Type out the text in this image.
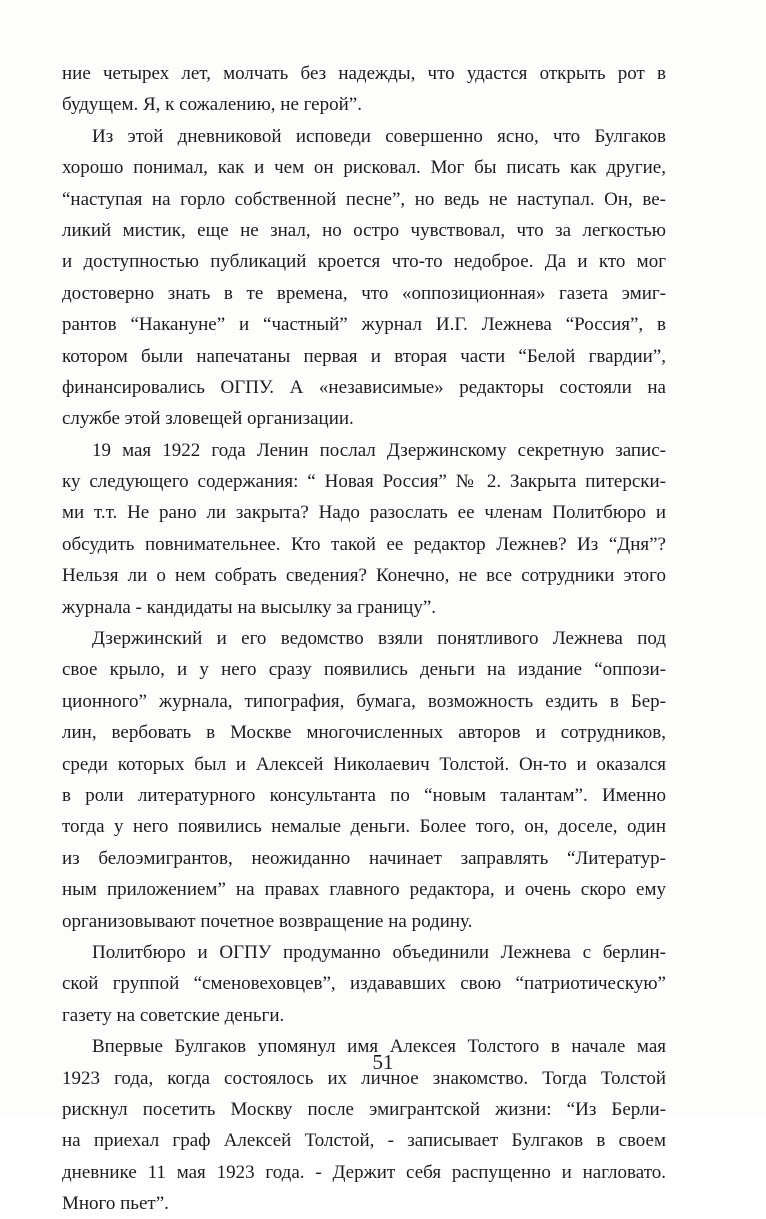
ние четырех лет, молчать без надежды, что удастся открыть рот в
будущем. Я, к сожалению, не герой”.
Из этой дневниковой исповеди совершенно ясно, что Булгаков
хорошо понимал, как и чем он рисковал. Мог бы писать как другие,
“наступая на горло собственной песне”, но ведь не наступал. Он, ве-
ликий мистик, еще не знал, но остро чувствовал, что за легкостью
и доступностью публикаций кроется что-то недоброе. Да и кто мог
достоверно знать в те времена, что «оппозиционная» газета эмиг-
рантов “Накануне” и “частный” журнал И.Г. Лежнева “Россия”, в
котором были напечатаны первая и вторая части “Белой гвардии”,
финансировались ОГПУ. А «независимые» редакторы состояли на
службе этой зловещей организации.
19 мая 1922 года Ленин послал Дзержинскому секретную запис-
ку следующего содержания: “ Новая Россия” № 2. Закрыта питерски-
ми т.т. Не рано ли закрыта? Надо разослать ее членам Политбюро и
обсудить повнимательнее. Кто такой ее редактор Лежнев? Из “Дня”?
Нельзя ли о нем собрать сведения? Конечно, не все сотрудники этого
журнала - кандидаты на высылку за границу”.
Дзержинский и его ведомство взяли понятливого Лежнева под
свое крыло, и у него сразу появились деньги на издание “оппози-
ционного” журнала, типография, бумага, возможность ездить в Бер-
лин, вербовать в Москве многочисленных авторов и сотрудников,
среди которых был и Алексей Николаевич Толстой. Он-то и оказался
в роли литературного консультанта по “новым талантам”. Именно
тогда у него появились немалые деньги. Более того, он, доселе, один
из белоэмигрантов, неожиданно начинает заправлять “Литератур-
ным приложением” на правах главного редактора, и очень скоро ему
организовывают почетное возвращение на родину.
Политбюро и ОГПУ продуманно объединили Лежнева с берлин-
ской группой “сменовеховцев”, издававших свою “патриотическую”
газету на советские деньги.
Впервые Булгаков упомянул имя Алексея Толстого в начале мая
1923 года, когда состоялось их личное знакомство. Тогда Толстой
рискнул посетить Москву после эмигрантской жизни: “Из Берли-
на приехал граф Алексей Толстой, - записывает Булгаков в своем
дневнике 11 мая 1923 года. - Держит себя распущенно и нагловато.
Много пьет”.
51
